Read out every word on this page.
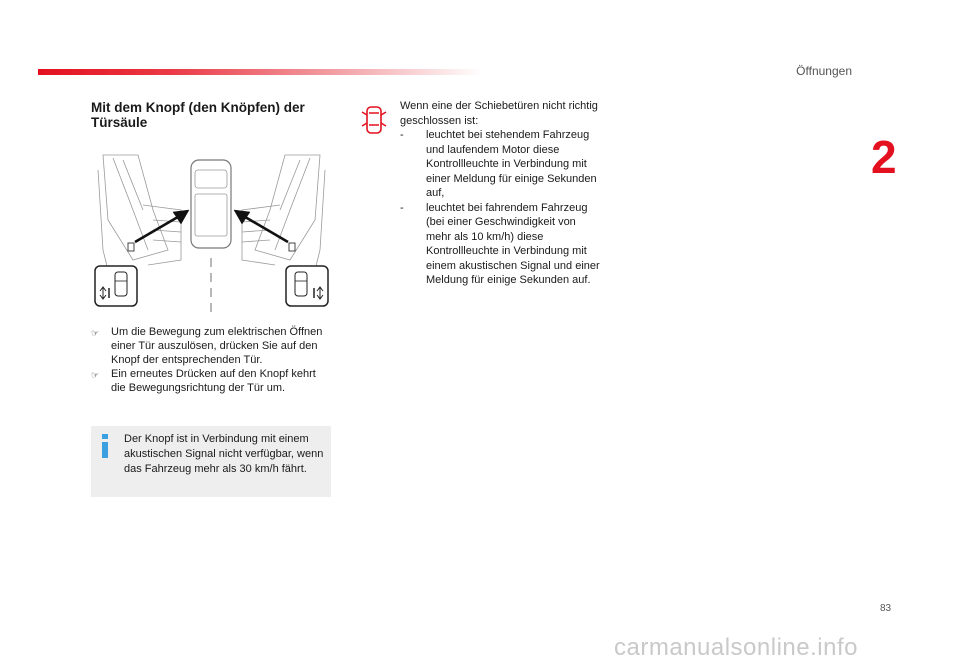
Öffnungen
2
Mit dem Knopf (den Knöpfen) der Türsäule
☞	Um die Bewegung zum elektrischen Öffnen einer Tür auszulösen, drücken Sie auf den Knopf der entsprechenden Tür.
☞	Ein erneutes Drücken auf den Knopf kehrt die Bewegungsrichtung der Tür um.
Der Knopf ist in Verbindung mit einem akustischen Signal nicht verfügbar, wenn das Fahrzeug mehr als 30 km/h fährt.
Wenn eine der Schiebetüren nicht richtig geschlossen ist:
-	leuchtet bei stehendem Fahrzeug und laufendem Motor diese Kontrollleuchte in Verbindung mit einer Meldung für einige Sekunden auf,
-	leuchtet bei fahrendem Fahrzeug (bei einer Geschwindigkeit von mehr als 10 km/h) diese Kontrollleuchte in Verbindung mit einem akustischen Signal und einer Meldung für einige Sekunden auf.
83
carmanualsonline.info
